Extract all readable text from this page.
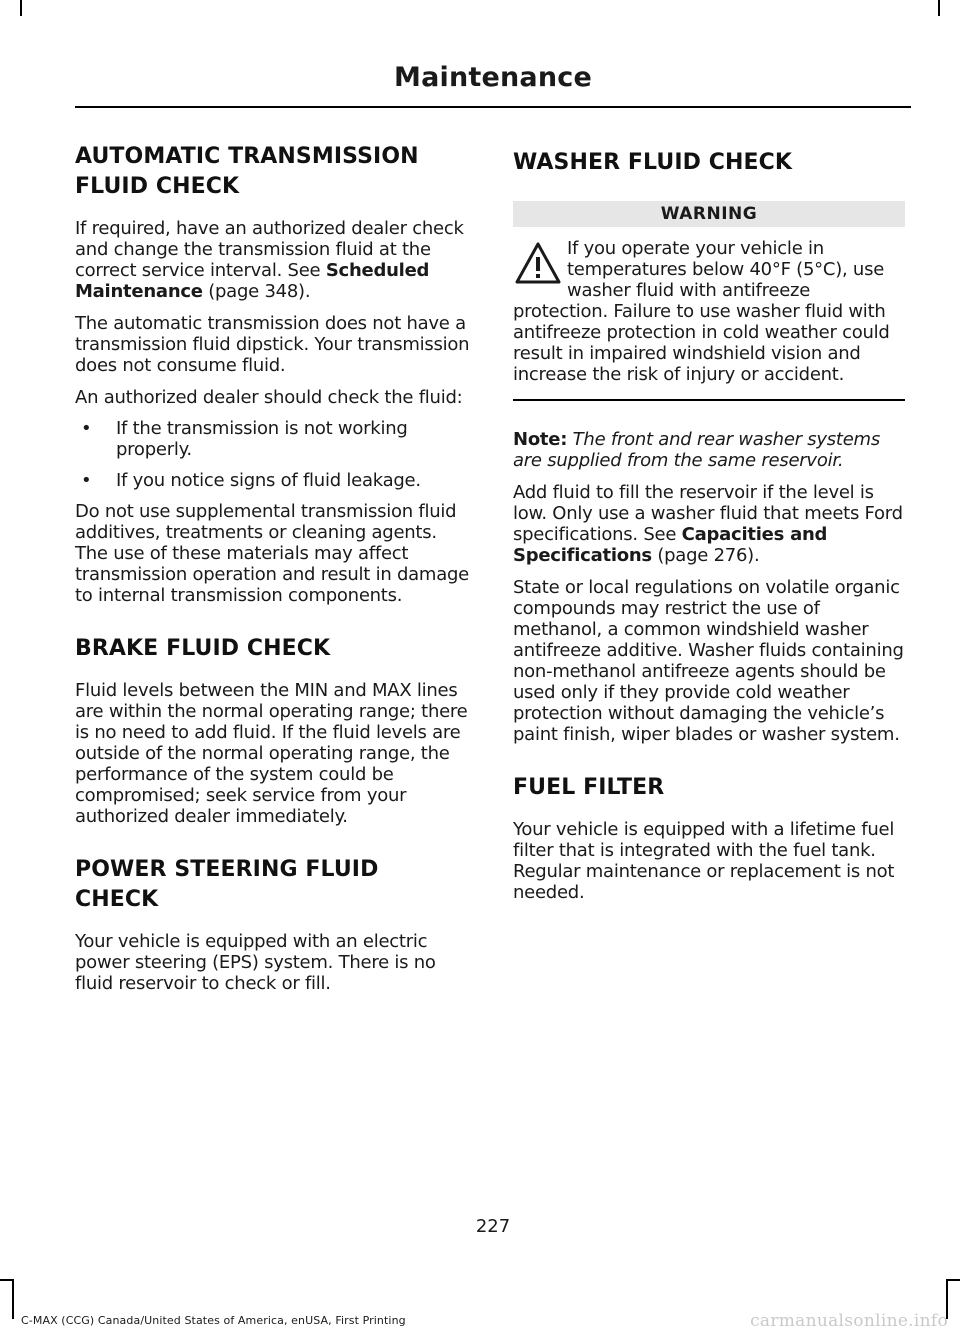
Maintenance
AUTOMATIC TRANSMISSION
FLUID CHECK

If required, have an authorized dealer check and change the transmission fluid at the correct service interval. See Scheduled Maintenance (page 348).

The automatic transmission does not have a transmission fluid dipstick. Your transmission does not consume fluid.

An authorized dealer should check the fluid:

• If the transmission is not working properly.
• If you notice signs of fluid leakage.

Do not use supplemental transmission fluid additives, treatments or cleaning agents. The use of these materials may affect transmission operation and result in damage to internal transmission components.

BRAKE FLUID CHECK

Fluid levels between the MIN and MAX lines are within the normal operating range; there is no need to add fluid. If the fluid levels are outside of the normal operating range, the performance of the system could be compromised; seek service from your authorized dealer immediately.

POWER STEERING FLUID
CHECK

Your vehicle is equipped with an electric power steering (EPS) system. There is no fluid reservoir to check or fill.

WASHER FLUID CHECK
WARNING

If you operate your vehicle in temperatures below 40°F (5°C), use washer fluid with antifreeze protection. Failure to use washer fluid with antifreeze protection in cold weather could result in impaired windshield vision and increase the risk of injury or accident.

Note: The front and rear washer systems are supplied from the same reservoir.

Add fluid to fill the reservoir if the level is low. Only use a washer fluid that meets Ford specifications. See Capacities and Specifications (page 276).

State or local regulations on volatile organic compounds may restrict the use of methanol, a common windshield washer antifreeze additive. Washer fluids containing non-methanol antifreeze agents should be used only if they provide cold weather protection without damaging the vehicle’s paint finish, wiper blades or washer system.

FUEL FILTER

Your vehicle is equipped with a lifetime fuel filter that is integrated with the fuel tank. Regular maintenance or replacement is not needed.

227
C-MAX (CCG) Canada/United States of America, enUSA, First Printing	carmanualsonline.info
